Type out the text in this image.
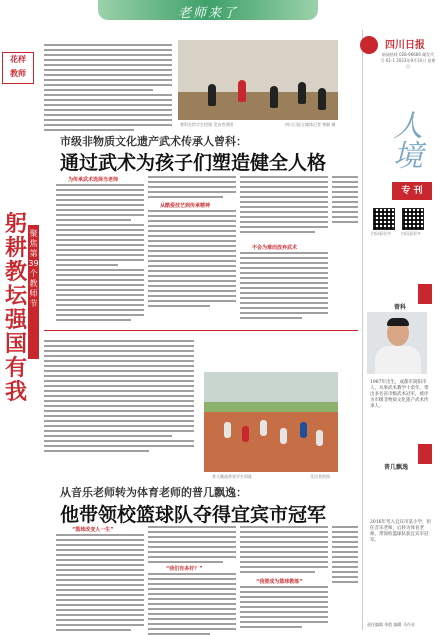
老师来了
花样
教师
躬耕教坛 强国有我
聚焦第39个教师节
曾科在给学生授课 受访者供图	四川日报全媒体记者 钟静 摄
市级非物质文化遗产武术传承人曾科：
通过武术为孩子们塑造健全人格
为传承武术选择当老师
从酷爱技艺到传承精神
不会为难而放弃武术
普几飘逸带领学生训练	受访者供图
从音乐老师转为体育老师的普几飘逸：
他带领校篮球队夺得宜宾市冠军
“篮球改变人一生”
“我们有多好？”
“我要成为篮球教练”
四川日报
新闻热线 028-96686 邮发代号 61-1 2023年9月10日 星期日
人境
专 刊
扫码看更多	扫码看更多
曾科
1987年出生，成都市简阳市人，从事武术教学十余年。带出多名省市级武术冠军，被评为市级非物质文化遗产武术传承人。
普几飘逸
2016年考入宜宾市某小学，担任音乐老师，后转为体育老师。带领校篮球队获宜宾市冠军。
责任编辑 余韵 编辑 马丹亚
